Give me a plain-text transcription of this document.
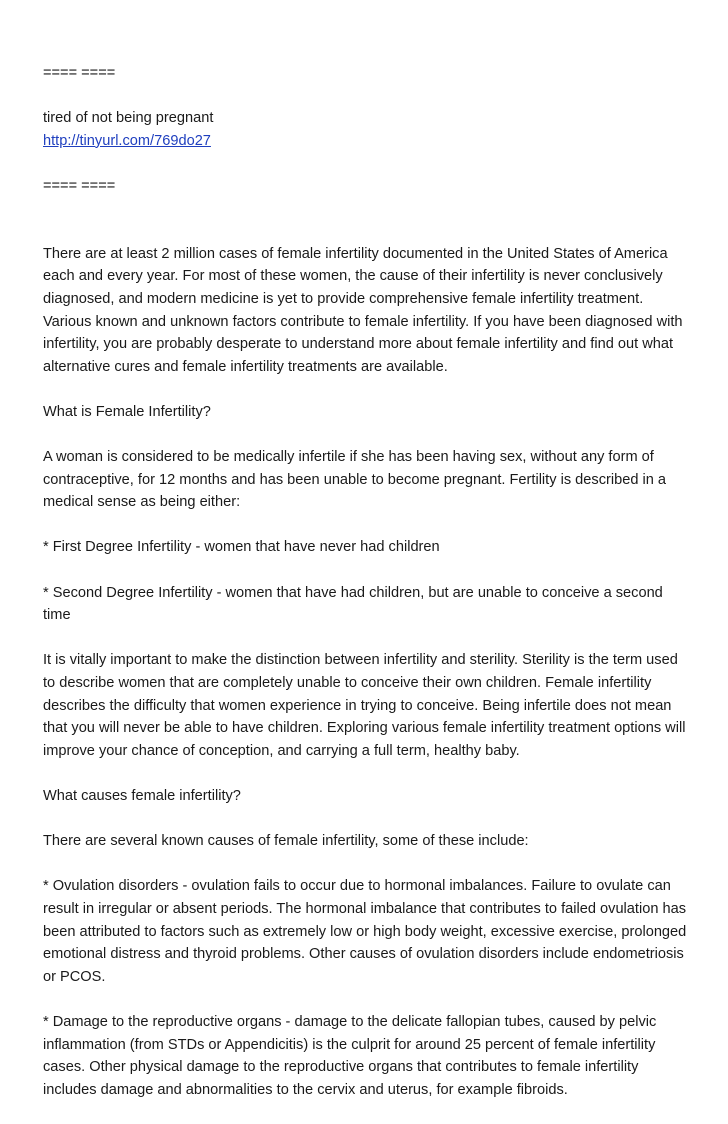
==== ====

tired of not being pregnant
http://tinyurl.com/769do27

==== ====

There are at least 2 million cases of female infertility documented in the United States of America each and every year. For most of these women, the cause of their infertility is never conclusively diagnosed, and modern medicine is yet to provide comprehensive female infertility treatment. Various known and unknown factors contribute to female infertility. If you have been diagnosed with infertility, you are probably desperate to understand more about female infertility and find out what alternative cures and female infertility treatments are available.

What is Female Infertility?

A woman is considered to be medically infertile if she has been having sex, without any form of contraceptive, for 12 months and has been unable to become pregnant. Fertility is described in a medical sense as being either:

* First Degree Infertility - women that have never had children

* Second Degree Infertility - women that have had children, but are unable to conceive a second time

It is vitally important to make the distinction between infertility and sterility. Sterility is the term used to describe women that are completely unable to conceive their own children. Female infertility describes the difficulty that women experience in trying to conceive. Being infertile does not mean that you will never be able to have children. Exploring various female infertility treatment options will improve your chance of conception, and carrying a full term, healthy baby.

What causes female infertility?

There are several known causes of female infertility, some of these include:

* Ovulation disorders - ovulation fails to occur due to hormonal imbalances. Failure to ovulate can result in irregular or absent periods. The hormonal imbalance that contributes to failed ovulation has been attributed to factors such as extremely low or high body weight, excessive exercise, prolonged emotional distress and thyroid problems. Other causes of ovulation disorders include endometriosis or PCOS.

* Damage to the reproductive organs - damage to the delicate fallopian tubes, caused by pelvic inflammation (from STDs or Appendicitis) is the culprit for around 25 percent of female infertility cases. Other physical damage to the reproductive organs that contributes to female infertility includes damage and abnormalities to the cervix and uterus, for example fibroids.
